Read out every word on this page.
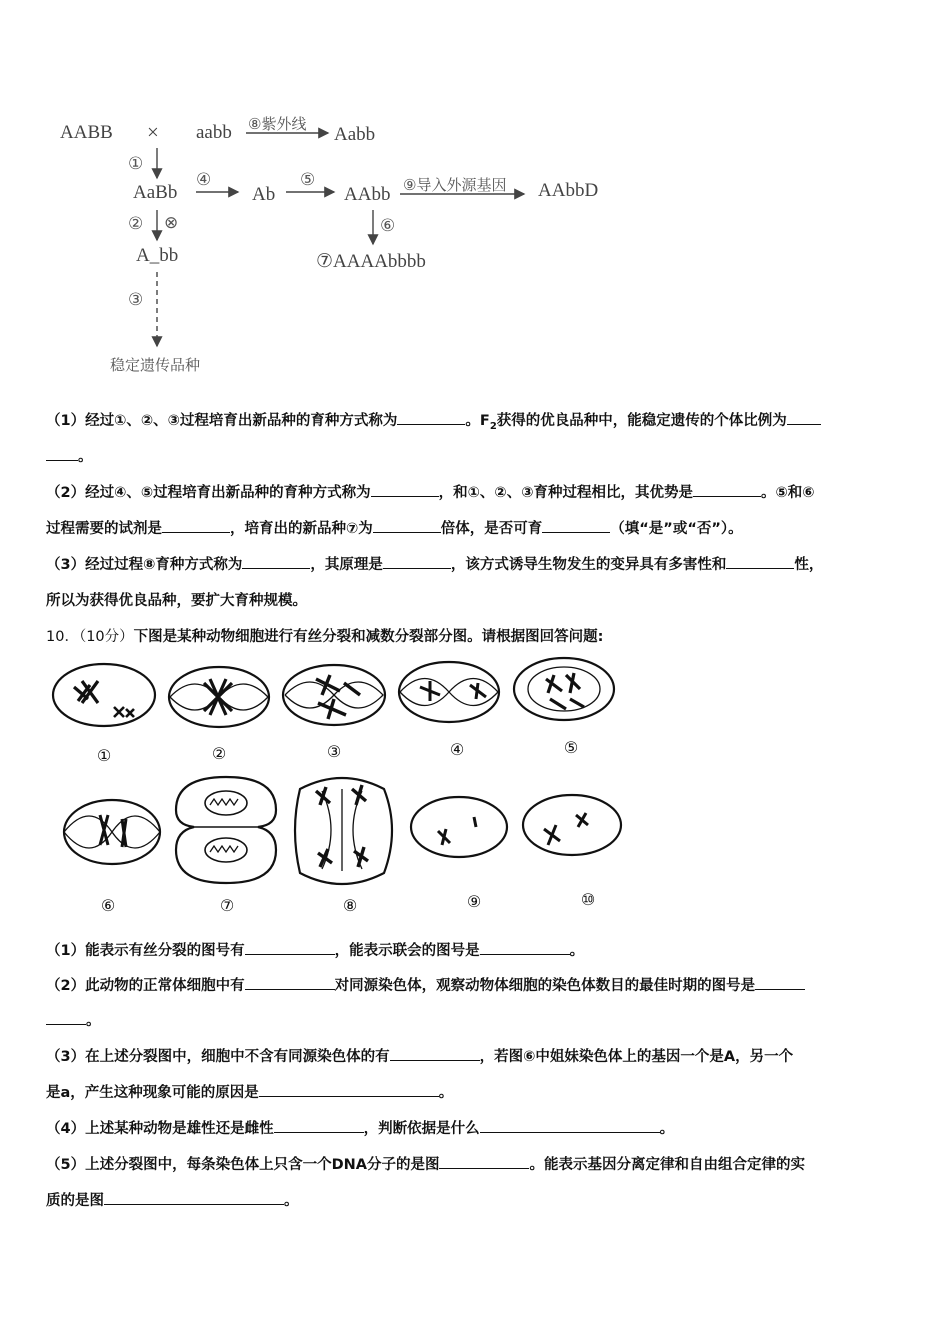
AABB × aabb ⑧紫外线 Aabb
①
AaBb
④
Ab
⑤
AAbb ⑨导入外源基因 AAbbD
② ⊗	⑥
A_bb	⑦AAAAbbbb
③
稳定遗传品种
（1）经过①、②、③过程培育出新品种的育种方式称为	。$F_2$获得的优良品种中，能稳定遗传的个体比例为
。
（2）经过④、⑤过程培育出新品种的育种方式称为	，和①、②、③育种过程相比，其优势是	。⑤和⑥
过程需要的试剂是	，培育出的新品种⑦为	倍体，是否可育	（填“是”或“否”）。
（3）经过过程⑧育种方式称为	，其原理是	，该方式诱导生物发生的变异具有多害性和	性，
所以为获得优良品种，要扩大育种规模。
10．（10分）下图是某种动物细胞进行有丝分裂和减数分裂部分图。请根据图回答问题:
①	②	③	④	⑤
⑥	⑦	⑧	⑨	⑩
（1）能表示有丝分裂的图号有	，能表示联会的图号是	。
（2）此动物的正常体细胞中有	对同源染色体，观察动物体细胞的染色体数目的最佳时期的图号是
。
（3）在上述分裂图中，细胞中不含有同源染色体的有	，若图⑥中姐妹染色体上的基因一个是A，另一个
是a，产生这种现象可能的原因是	。
（4）上述某种动物是雄性还是雌性	，判断依据是什么	。
（5）上述分裂图中，每条染色体上只含一个DNA分子的是图	。能表示基因分离定律和自由组合定律的实
质的是图	。
